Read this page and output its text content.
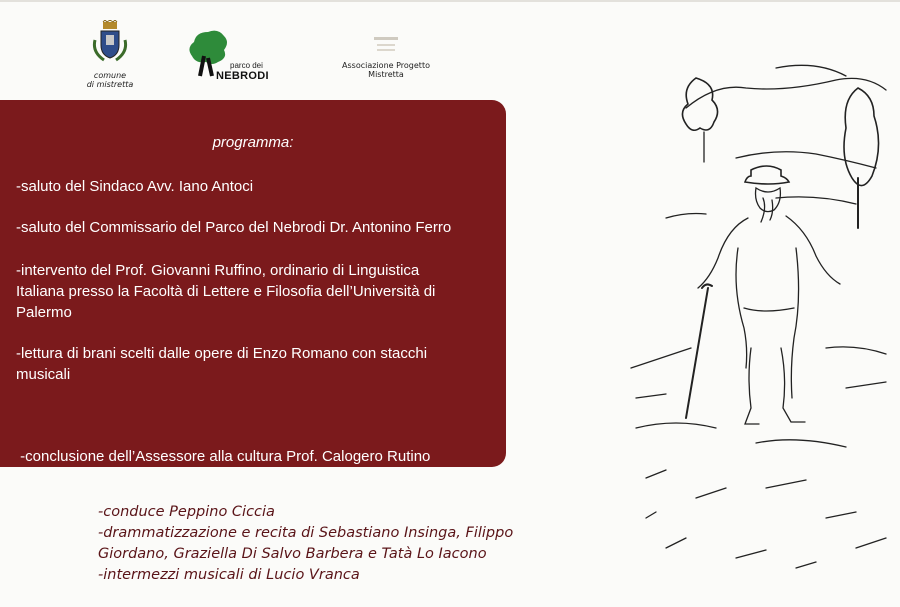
comune
di mistretta
parco dei
NEBRODI
Associazione Progetto
Mistretta
programma:
-saluto del Sindaco Avv. Iano Antoci
-saluto del Commissario del Parco del Nebrodi Dr. Antonino Ferro
-intervento del Prof. Giovanni Ruffino, ordinario di Linguistica
Italiana presso la Facoltà di Lettere e Filosofia dell’Università di
Palermo
-lettura di brani scelti dalle opere di Enzo Romano con stacchi
musicali

-conclusione dell’Assessore alla cultura Prof. Calogero Rutino

-conduce Peppino Ciccia
-drammatizzazione e recita di Sebastiano Insinga, Filippo
Giordano, Graziella Di Salvo Barbera e Tatà Lo Iacono
-intermezzi musicali di Lucio Vranca
